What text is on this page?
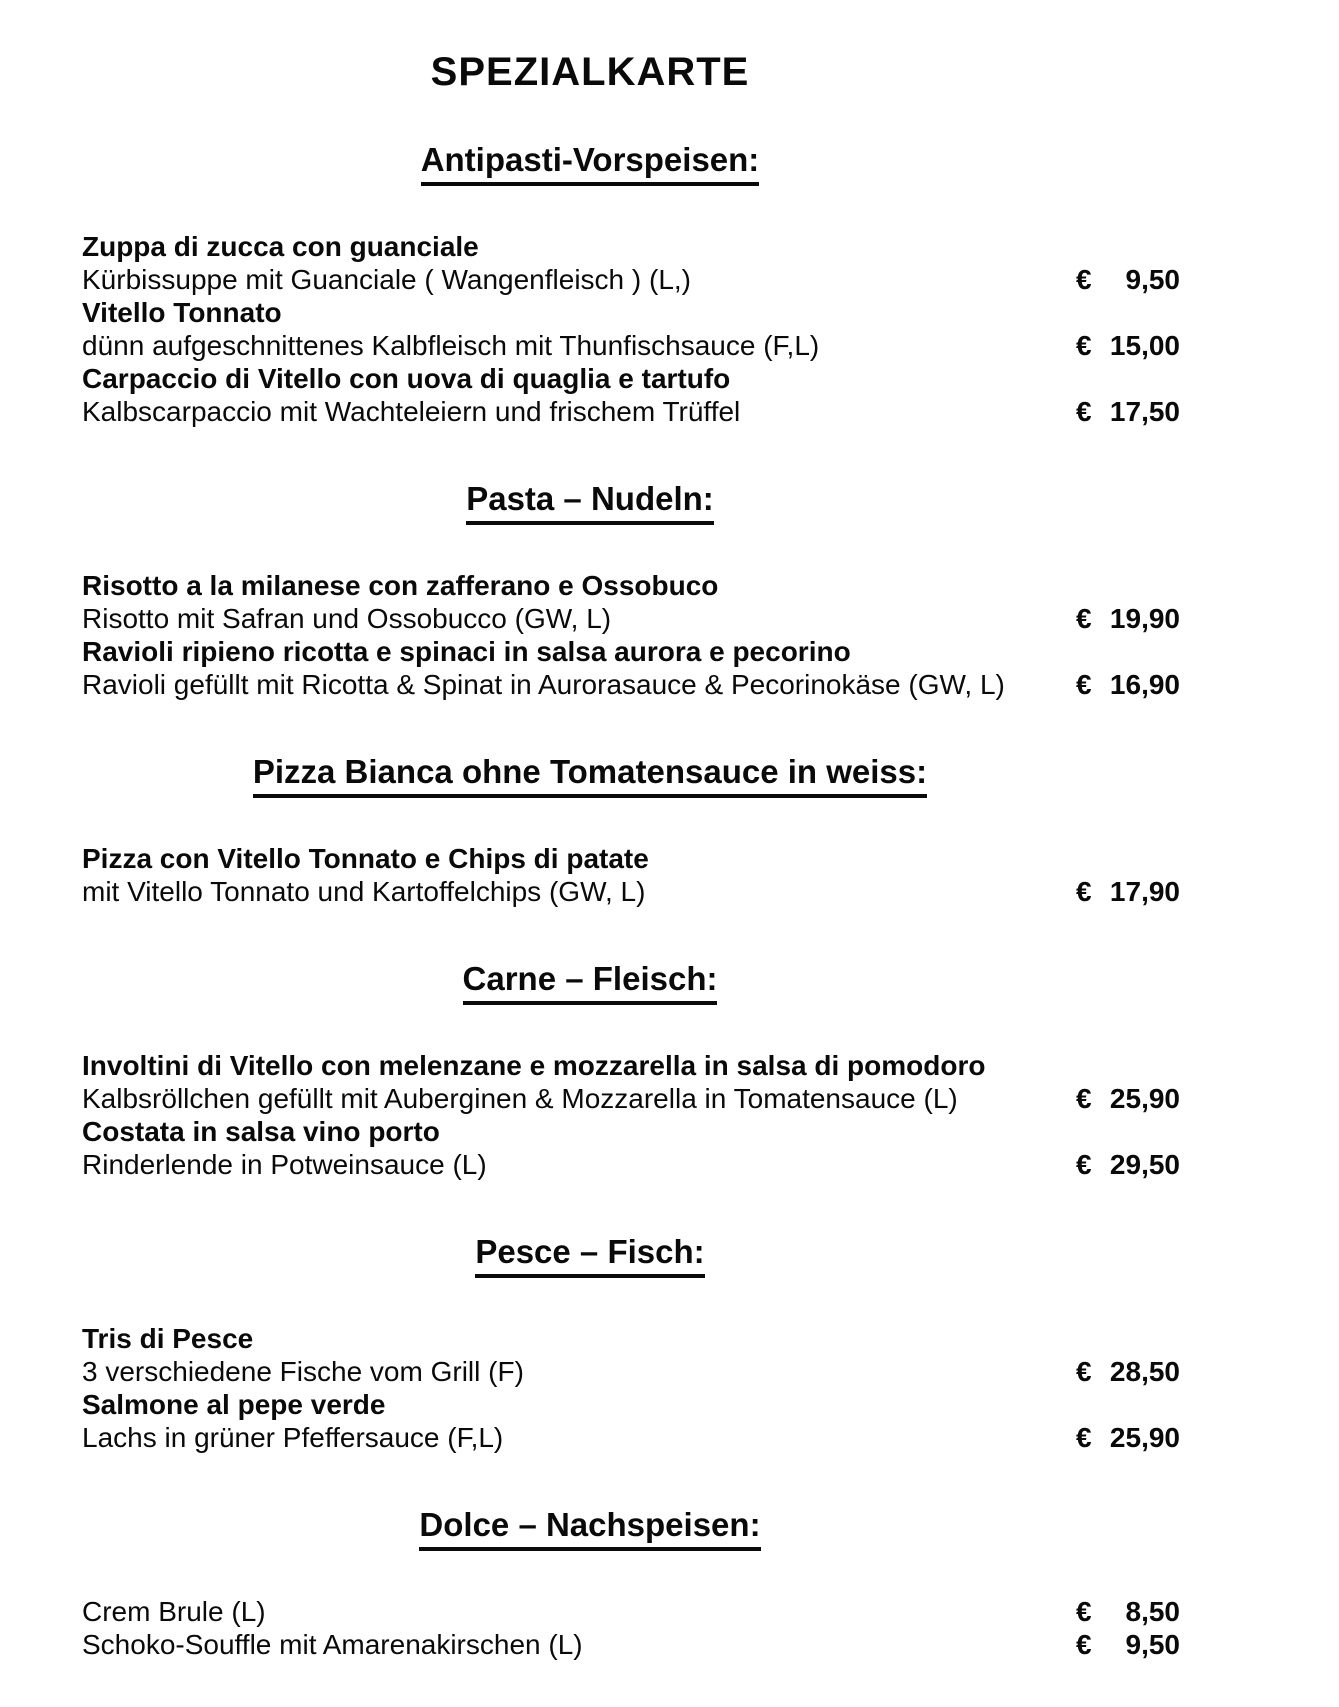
SPEZIALKARTE
Antipasti-Vorspeisen:
Zuppa di zucca con guanciale
Kürbissuppe mit Guanciale ( Wangenfleisch ) (L,)	€ 9,50
Vitello Tonnato
dünn aufgeschnittenes Kalbfleisch mit Thunfischsauce (F,L)	€ 15,00
Carpaccio di Vitello con uova di quaglia e tartufo
Kalbscarpaccio mit Wachteleiern und frischem Trüffel	€ 17,50
Pasta – Nudeln:
Risotto a la milanese con zafferano e Ossobuco
Risotto mit Safran und Ossobucco (GW, L)	€ 19,90
Ravioli ripieno ricotta e spinaci in salsa aurora e pecorino
Ravioli gefüllt mit Ricotta & Spinat in Aurorasauce & Pecorinokäse (GW, L)	€ 16,90
Pizza Bianca ohne Tomatensauce in weiss:
Pizza con Vitello Tonnato e Chips di patate
mit Vitello Tonnato und Kartoffelchips (GW, L)	€ 17,90
Carne – Fleisch:
Involtini di Vitello con melenzane e mozzarella in salsa di pomodoro
Kalbsröllchen gefüllt mit Auberginen & Mozzarella in Tomatensauce (L)	€ 25,90
Costata in salsa vino porto
Rinderlende in Potweinsauce (L)	€ 29,50
Pesce – Fisch:
Tris di Pesce
3 verschiedene Fische vom Grill (F)	€ 28,50
Salmone al pepe verde
Lachs in grüner Pfeffersauce (F,L)	€ 25,90
Dolce – Nachspeisen:
Crem Brule (L)	€ 8,50
Schoko-Souffle mit Amarenakirschen (L)	€ 9,50
